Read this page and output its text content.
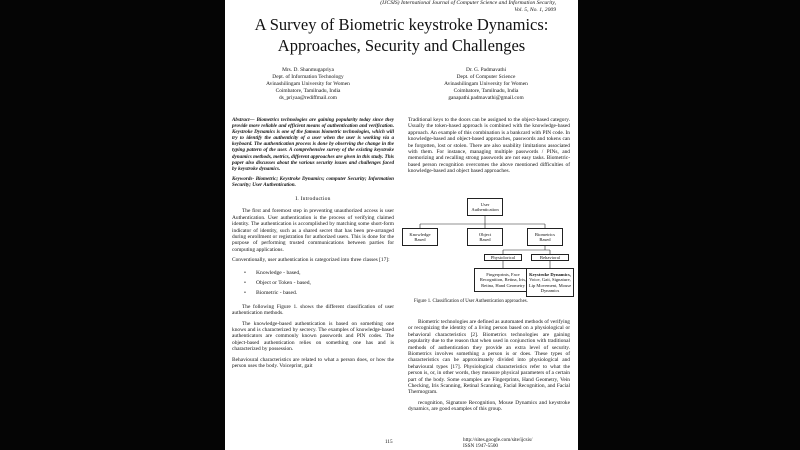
(IJCSIS) International Journal of Computer Science and Information Security,
Vol. 5, No. 1, 2009
A Survey of Biometric keystroke Dynamics:
Approaches, Security and Challenges
Mrs. D. Shanmugapriya
Dept. of Information Technology
Avinashilingam University for Women
Coimbatore, Tamilnadu, India
ds_priyaa@rediffmail.com
Dr. G. Padmavathi
Dept. of Computer Science
Avinashilingam University for Women
Coimbatore, Tamilnadu, India
ganapathi.padmavathi@gmail.com

Abstract— Biometrics technologies are gaining popularity today since they provide more reliable and efficient means of authentication and verification. Keystroke Dynamics is one of the famous biometric technologies, which will try to identify the authenticity of a user when the user is working via a keyboard. The authentication process is done by observing the change in the typing pattern of the user. A comprehensive survey of the existing keystroke dynamics methods, metrics, different approaches are given in this study. This paper also discusses about the various security issues and challenges faced by keystroke dynamics.

Keywords- Biometric; Keystroke Dynamics; computer Security; Information Security; User Authentication.

I. Introduction

The first and foremost step in preventing unauthorized access is user Authentication. User authentication is the process of verifying claimed identity. The authentication is accomplished by matching some short-form indicator of identity, such as a shared secret that has been pre-arranged during enrollment or registration for authorized users. This is done for the purpose of performing trusted communications between parties for computing applications.

Conventionally, user authentication is categorized into three classes [17]:

• Knowledge - based,
• Object or Token - based,
• Biometric - based.

The following Figure 1. shows the different classification of user authentication methods.

The knowledge-based authentication is based on something one knows and is characterized by secrecy. The examples of knowledge-based authenticators are commonly known passwords and PIN codes. The object-based authentication relies on something one has and is characterized by possession.

Behavioural characteristics are related to what a person does, or how the person uses the body. Voiceprint, gait

Traditional keys to the doors can be assigned to the object-based category. Usually the token-based approach is combined with the knowledge-based approach. An example of this combination is a bankcard with PIN code. In knowledge-based and object-based approaches, passwords and tokens can be forgotten, lost or stolen. There are also usability limitations associated with them. For instance, managing multiple passwords / PINs, and memorizing and recalling strong passwords are not easy tasks. Biometric-based person recognition overcomes the above mentioned difficulties of knowledge-based and object based approaches.

User
Authentication
Knowledge
Based
Object
Based
Biometrics
Based
Physiolorical	Behavioral
Fingerprints, Face
Recognition, Retina, Iris,
Retina, Hand Geometry
Keystroke Dynamics,
Voice, Gait, Signature,
Lip Movement, Mouse
Dynamics
Figure 1. Classification of User Authentication approaches.

Biometric technologies are defined as automated methods of verifying or recognizing the identity of a living person based on a physiological or behavioral characteristics [2]. Biometrics technologies are gaining popularity due to the reason that when used in conjunction with traditional methods of authentication they provide an extra level of security. Biometrics involves something a person is or does. These types of characteristics can be approximately divided into physiological and behavioural types [17]. Physiological characteristics refer to what the person is, or, in other words, they measure physical parameters of a certain part of the body. Some examples are Fingerprints, Hand Geometry, Vein Checking, Iris Scanning, Retinal Scanning, Facial Recognition, and Facial Thermogram.

recognition, Signature Recognition, Mouse Dynamics and keystroke dynamics, are good examples of this group.

115	http://sites.google.com/site/ijcsis/
ISSN 1947-5500
